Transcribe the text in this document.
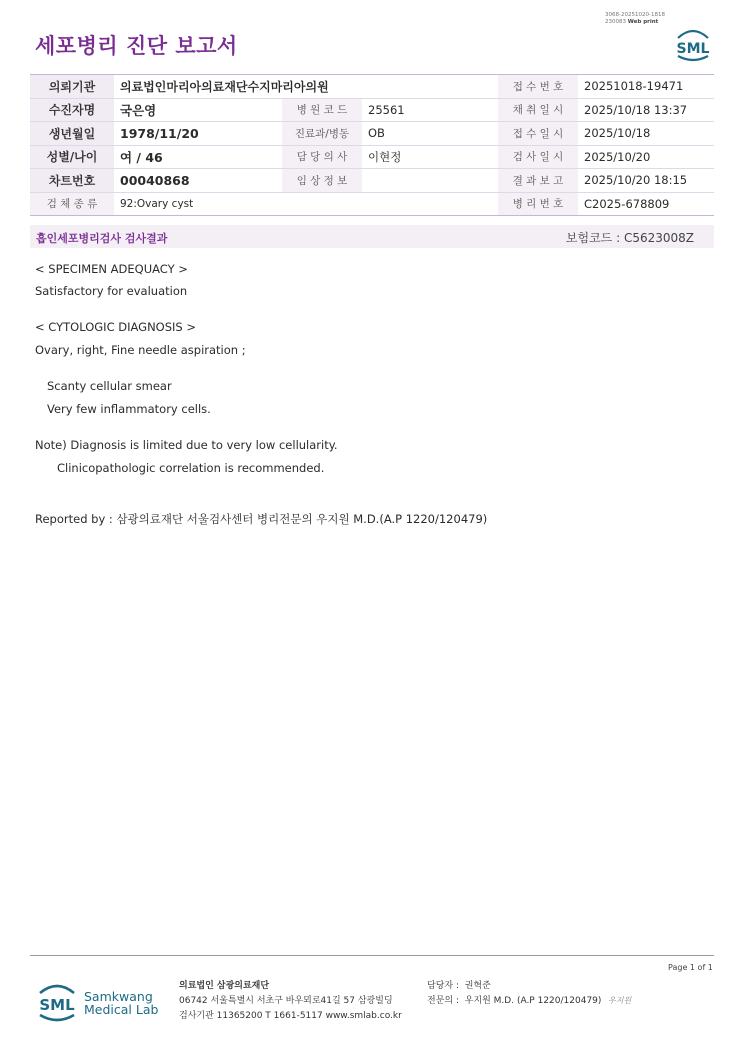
3068-20251020-1818
230083 Web print
세포병리 진단 보고서	SML
의뢰기관	의료법인마리아의료재단수지마리아의원			접 수 번 호	20251018-19471
수진자명	국은영	병 원 코 드	25561	채 취 일 시	2025/10/18 13:37
생년월일	1978/11/20	진료과/병동	OB	접 수 일 시	2025/10/18
성별/나이	여 / 46	담 당 의 사	이현정	검 사 일 시	2025/10/20
차트번호	00040868	임 상 정 보		결 과 보 고	2025/10/20 18:15
검 체 종 류	92:Ovary cyst			병 리 번 호	C2025-678809
흡인세포병리검사 검사결과	보험코드 : C5623008Z
< SPECIMEN ADEQUACY >
Satisfactory for evaluation
< CYTOLOGIC DIAGNOSIS >
Ovary, right, Fine needle aspiration ;
Scanty cellular smear
Very few inflammatory cells.
Note) Diagnosis is limited due to very low cellularity.
Clinicopathologic correlation is recommended.
Reported by : 삼광의료재단 서울검사센터 병리전문의 우지원 M.D.(A.P 1220/120479)
Page 1 of 1
SML Samkwang
Medical Lab
의료법인 삼광의료재단
06742 서울특별시 서초구 바우뫼로41길 57 삼광빌딩
검사기관 11365200 T 1661-5117 www.smlab.co.kr
담당자 : 권혁준
전문의 : 우지원 M.D. (A.P 1220/120479) 우지원
